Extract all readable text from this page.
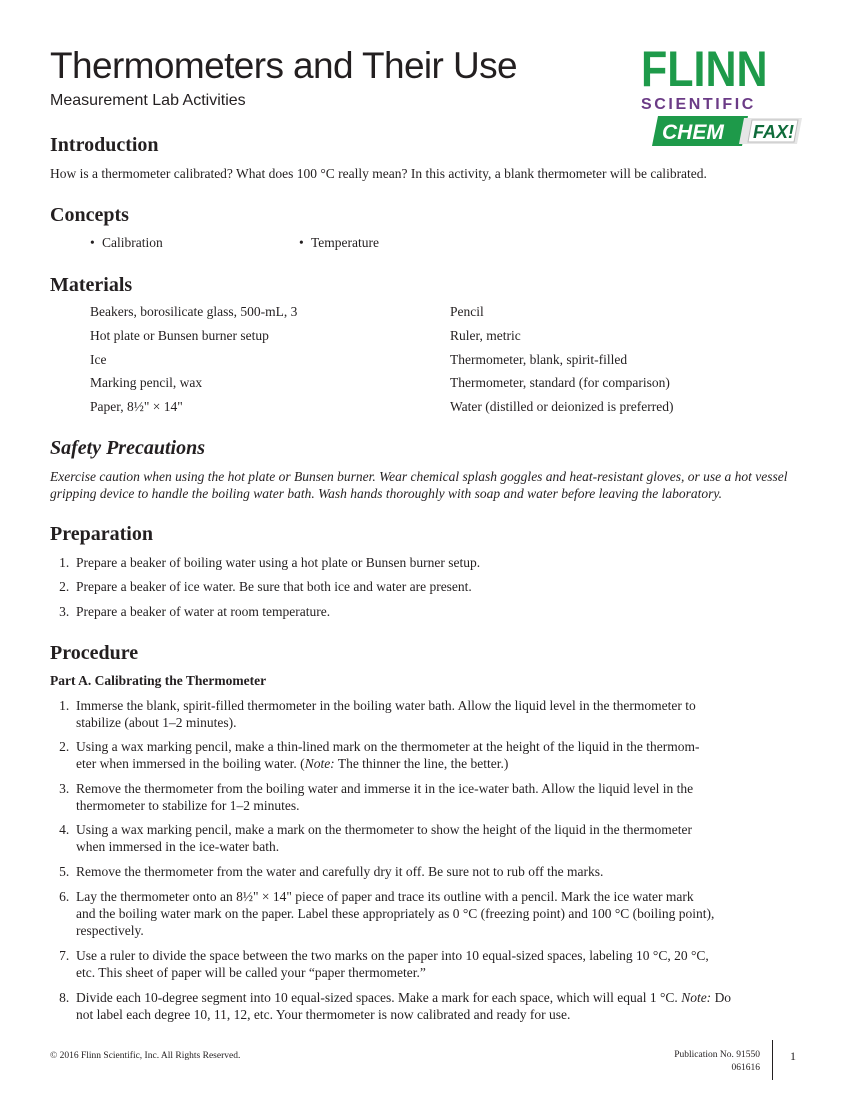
Thermometers and Their Use
Measurement Lab Activities
FLINN
SCIENTIFIC
CHEM FAX!
Introduction

How is a thermometer calibrated? What does 100 °C really mean? In this activity, a blank thermometer will be calibrated.

Concepts
• Calibration	• Temperature
Materials
Beakers, borosilicate glass, 500-mL, 3
Hot plate or Bunsen burner setup
Ice
Marking pencil, wax
Paper, 8½" × 14"
Pencil
Ruler, metric
Thermometer, blank, spirit-filled
Thermometer, standard (for comparison)
Water (distilled or deionized is preferred)
Safety Precautions

Exercise caution when using the hot plate or Bunsen burner. Wear chemical splash goggles and heat-resistant gloves, or use a hot vessel gripping device to handle the boiling water bath. Wash hands thoroughly with soap and water before leaving the laboratory.

Preparation
1. Prepare a beaker of boiling water using a hot plate or Bunsen burner setup.
2. Prepare a beaker of ice water. Be sure that both ice and water are present.
3. Prepare a beaker of water at room temperature.
Procedure
Part A. Calibrating the Thermometer
1. Immerse the blank, spirit-filled thermometer in the boiling water bath. Allow the liquid level in the thermometer to
stabilize (about 1–2 minutes).
2. Using a wax marking pencil, make a thin-lined mark on the thermometer at the height of the liquid in the thermom-
eter when immersed in the boiling water. (Note: The thinner the line, the better.)
3. Remove the thermometer from the boiling water and immerse it in the ice-water bath. Allow the liquid level in the
thermometer to stabilize for 1–2 minutes.
4. Using a wax marking pencil, make a mark on the thermometer to show the height of the liquid in the thermometer
when immersed in the ice-water bath.
5. Remove the thermometer from the water and carefully dry it off. Be sure not to rub off the marks.
6. Lay the thermometer onto an 8½" × 14" piece of paper and trace its outline with a pencil. Mark the ice water mark
and the boiling water mark on the paper. Label these appropriately as 0 °C (freezing point) and 100 °C (boiling point),
respectively.
7. Use a ruler to divide the space between the two marks on the paper into 10 equal-sized spaces, labeling 10 °C, 20 °C,
etc. This sheet of paper will be called your “paper thermometer.”
8. Divide each 10-degree segment into 10 equal-sized spaces. Make a mark for each space, which will equal 1 °C. Note: Do
not label each degree 10, 11, 12, etc. Your thermometer is now calibrated and ready for use.
© 2016 Flinn Scientific, Inc. All Rights Reserved.	Publication No. 91550
061616
1
